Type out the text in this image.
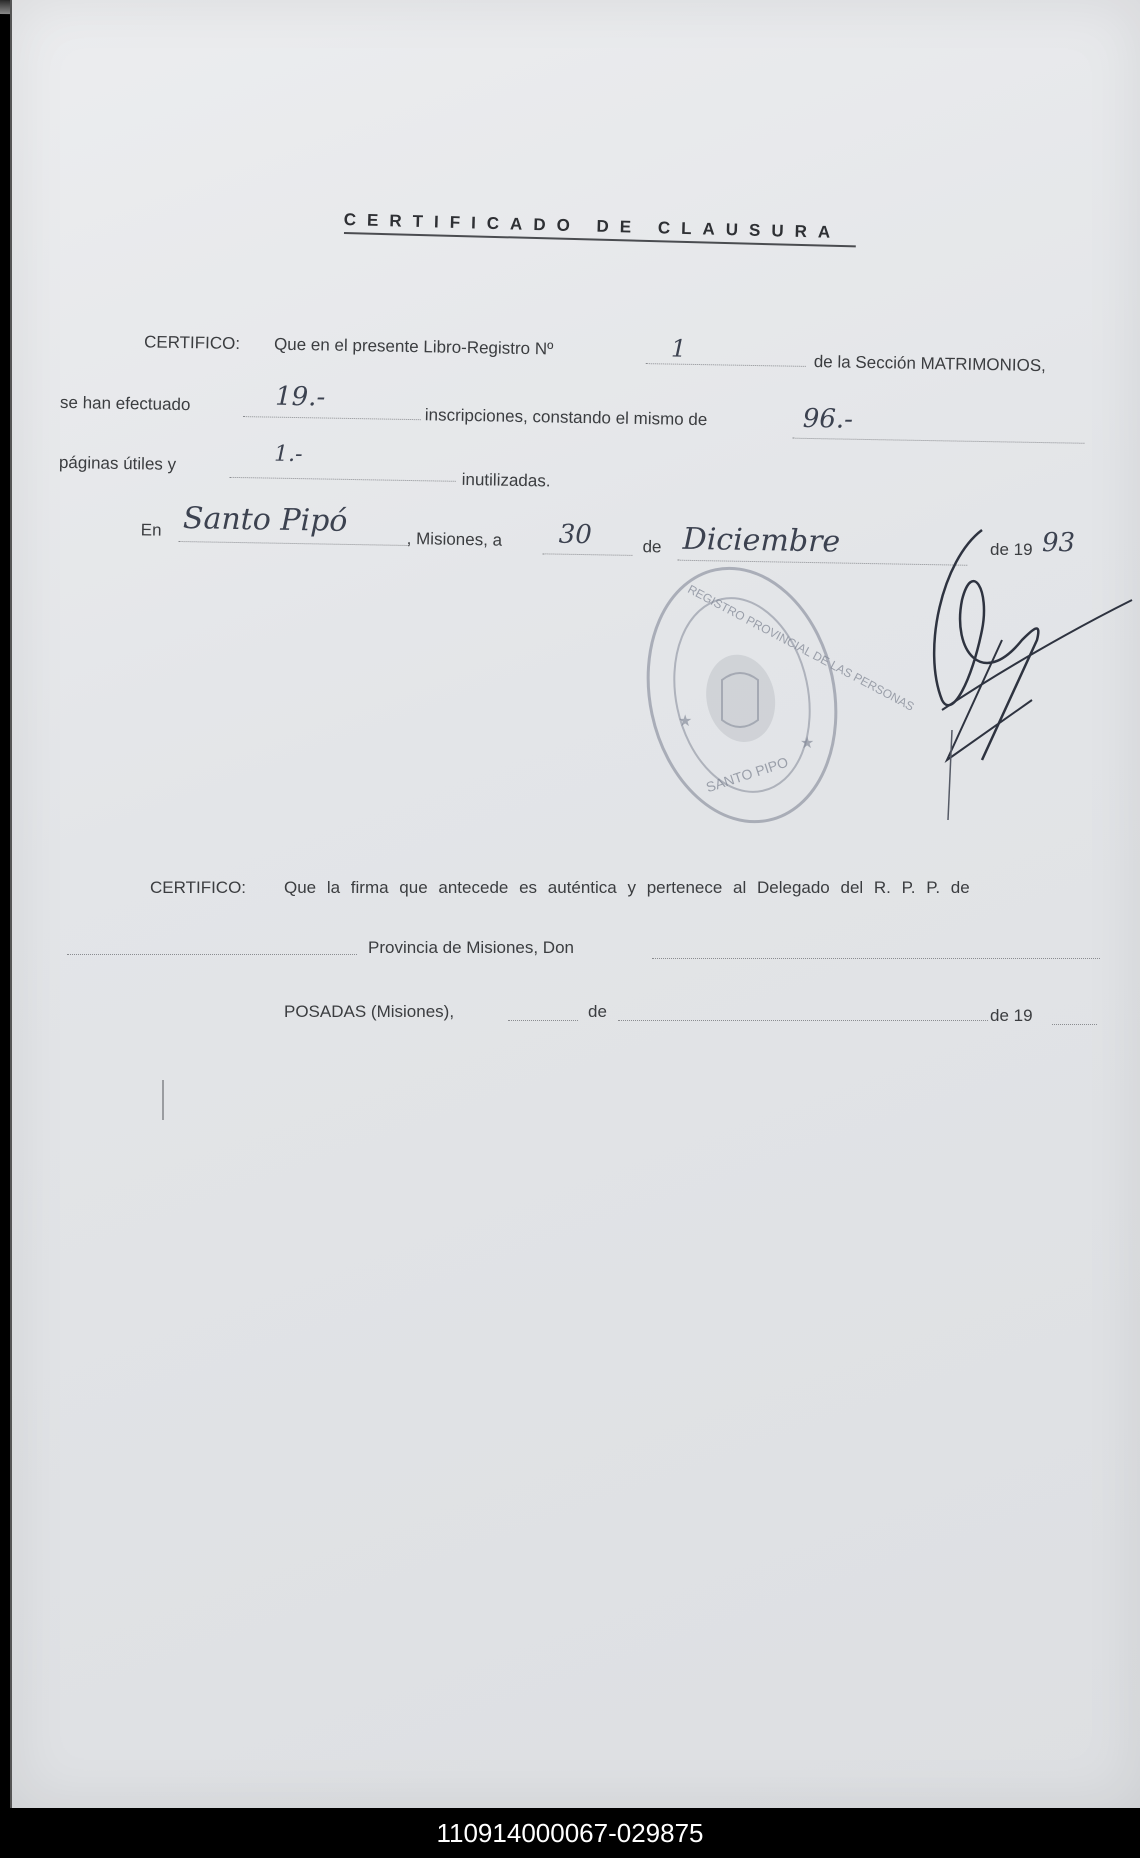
CERTIFICADO DE CLAUSURA
CERTIFICO: Que en el presente Libro-Registro Nº	1
de la Sección MATRIMONIOS,
se han efectuado	19.-
inscripciones, constando el mismo de	96.-
páginas útiles y	1.-
inutilizadas.
En Santo Pipó
, Misiones, a 30	de Diciembre	de 19 93
★
★
REGISTRO PROVINCIAL DE LAS PERSONAS
SANTO PIPO
CERTIFICO: Que la firma que antecede es auténtica y pertenece al Delegado del R. P. P. de
Provincia de Misiones, Don
POSADAS (Misiones),	de	de 19
110914000067-029875
